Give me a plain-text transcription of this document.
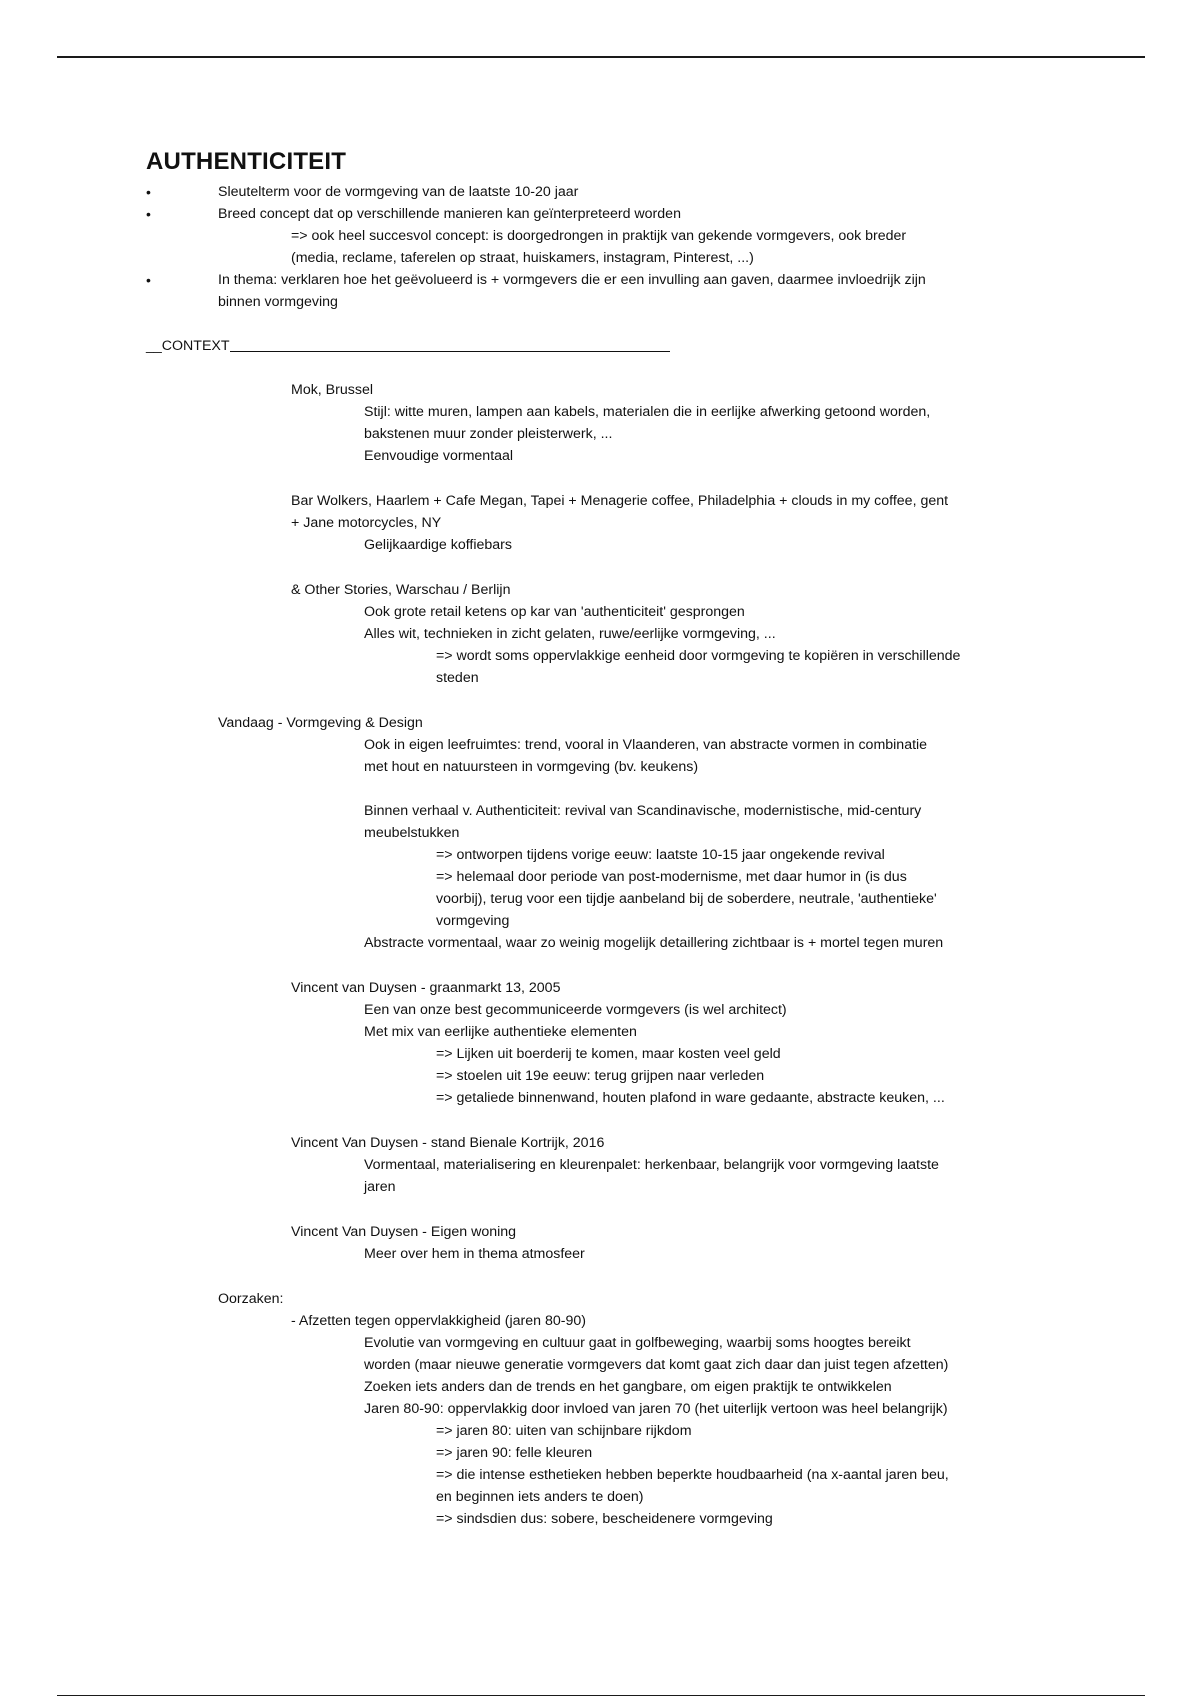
AUTHENTICITEIT
•	Sleutelterm voor de vormgeving van de laatste 10-20 jaar
•	Breed concept dat op verschillende manieren kan geïnterpreteerd worden
=> ook heel succesvol concept: is doorgedrongen in praktijk van gekende vormgevers, ook breder
(media, reclame, taferelen op straat, huiskamers, instagram, Pinterest, ...)
•	In thema: verklaren hoe het geëvolueerd is + vormgevers die er een invulling aan gaven, daarmee invloedrijk zijn
binnen vormgeving
__CONTEXT
Mok, Brussel
Stijl: witte muren, lampen aan kabels, materialen die in eerlijke afwerking getoond worden,
bakstenen muur zonder pleisterwerk, ...
Eenvoudige vormentaal
Bar Wolkers, Haarlem + Cafe Megan, Tapei + Menagerie coffee, Philadelphia + clouds in my coffee, gent
+ Jane motorcycles, NY
Gelijkaardige koffiebars
& Other Stories, Warschau / Berlijn
Ook grote retail ketens op kar van 'authenticiteit' gesprongen
Alles wit, technieken in zicht gelaten, ruwe/eerlijke vormgeving, ...
=> wordt soms oppervlakkige eenheid door vormgeving te kopiëren in verschillende
steden
Vandaag - Vormgeving & Design
Ook in eigen leefruimtes: trend, vooral in Vlaanderen, van abstracte vormen in combinatie
met hout en natuursteen in vormgeving (bv. keukens)
Binnen verhaal v. Authenticiteit: revival van Scandinavische, modernistische, mid-century
meubelstukken
=> ontworpen tijdens vorige eeuw: laatste 10-15 jaar ongekende revival
=> helemaal door periode van post-modernisme, met daar humor in (is dus
voorbij), terug voor een tijdje aanbeland bij de soberdere, neutrale, 'authentieke'
vormgeving
Abstracte vormentaal, waar zo weinig mogelijk detaillering zichtbaar is + mortel tegen muren
Vincent van Duysen - graanmarkt 13, 2005
Een van onze best gecommuniceerde vormgevers (is wel architect)
Met mix van eerlijke authentieke elementen
=> Lijken uit boerderij te komen, maar kosten veel geld
=> stoelen uit 19e eeuw: terug grijpen naar verleden
=> getaliede binnenwand, houten plafond in ware gedaante, abstracte keuken, ...
Vincent Van Duysen - stand Bienale Kortrijk, 2016
Vormentaal, materialisering en kleurenpalet: herkenbaar, belangrijk voor vormgeving laatste
jaren
Vincent Van Duysen - Eigen woning
Meer over hem in thema atmosfeer
Oorzaken:
- Afzetten tegen oppervlakkigheid (jaren 80-90)
Evolutie van vormgeving en cultuur gaat in golfbeweging, waarbij soms hoogtes bereikt
worden (maar nieuwe generatie vormgevers dat komt gaat zich daar dan juist tegen afzetten)
Zoeken iets anders dan de trends en het gangbare, om eigen praktijk te ontwikkelen
Jaren 80-90: oppervlakkig door invloed van jaren 70 (het uiterlijk vertoon was heel belangrijk)
=> jaren 80: uiten van schijnbare rijkdom
=> jaren 90: felle kleuren
=> die intense esthetieken hebben beperkte houdbaarheid (na x-aantal jaren beu,
en beginnen iets anders te doen)
=> sindsdien dus: sobere, bescheidenere vormgeving
